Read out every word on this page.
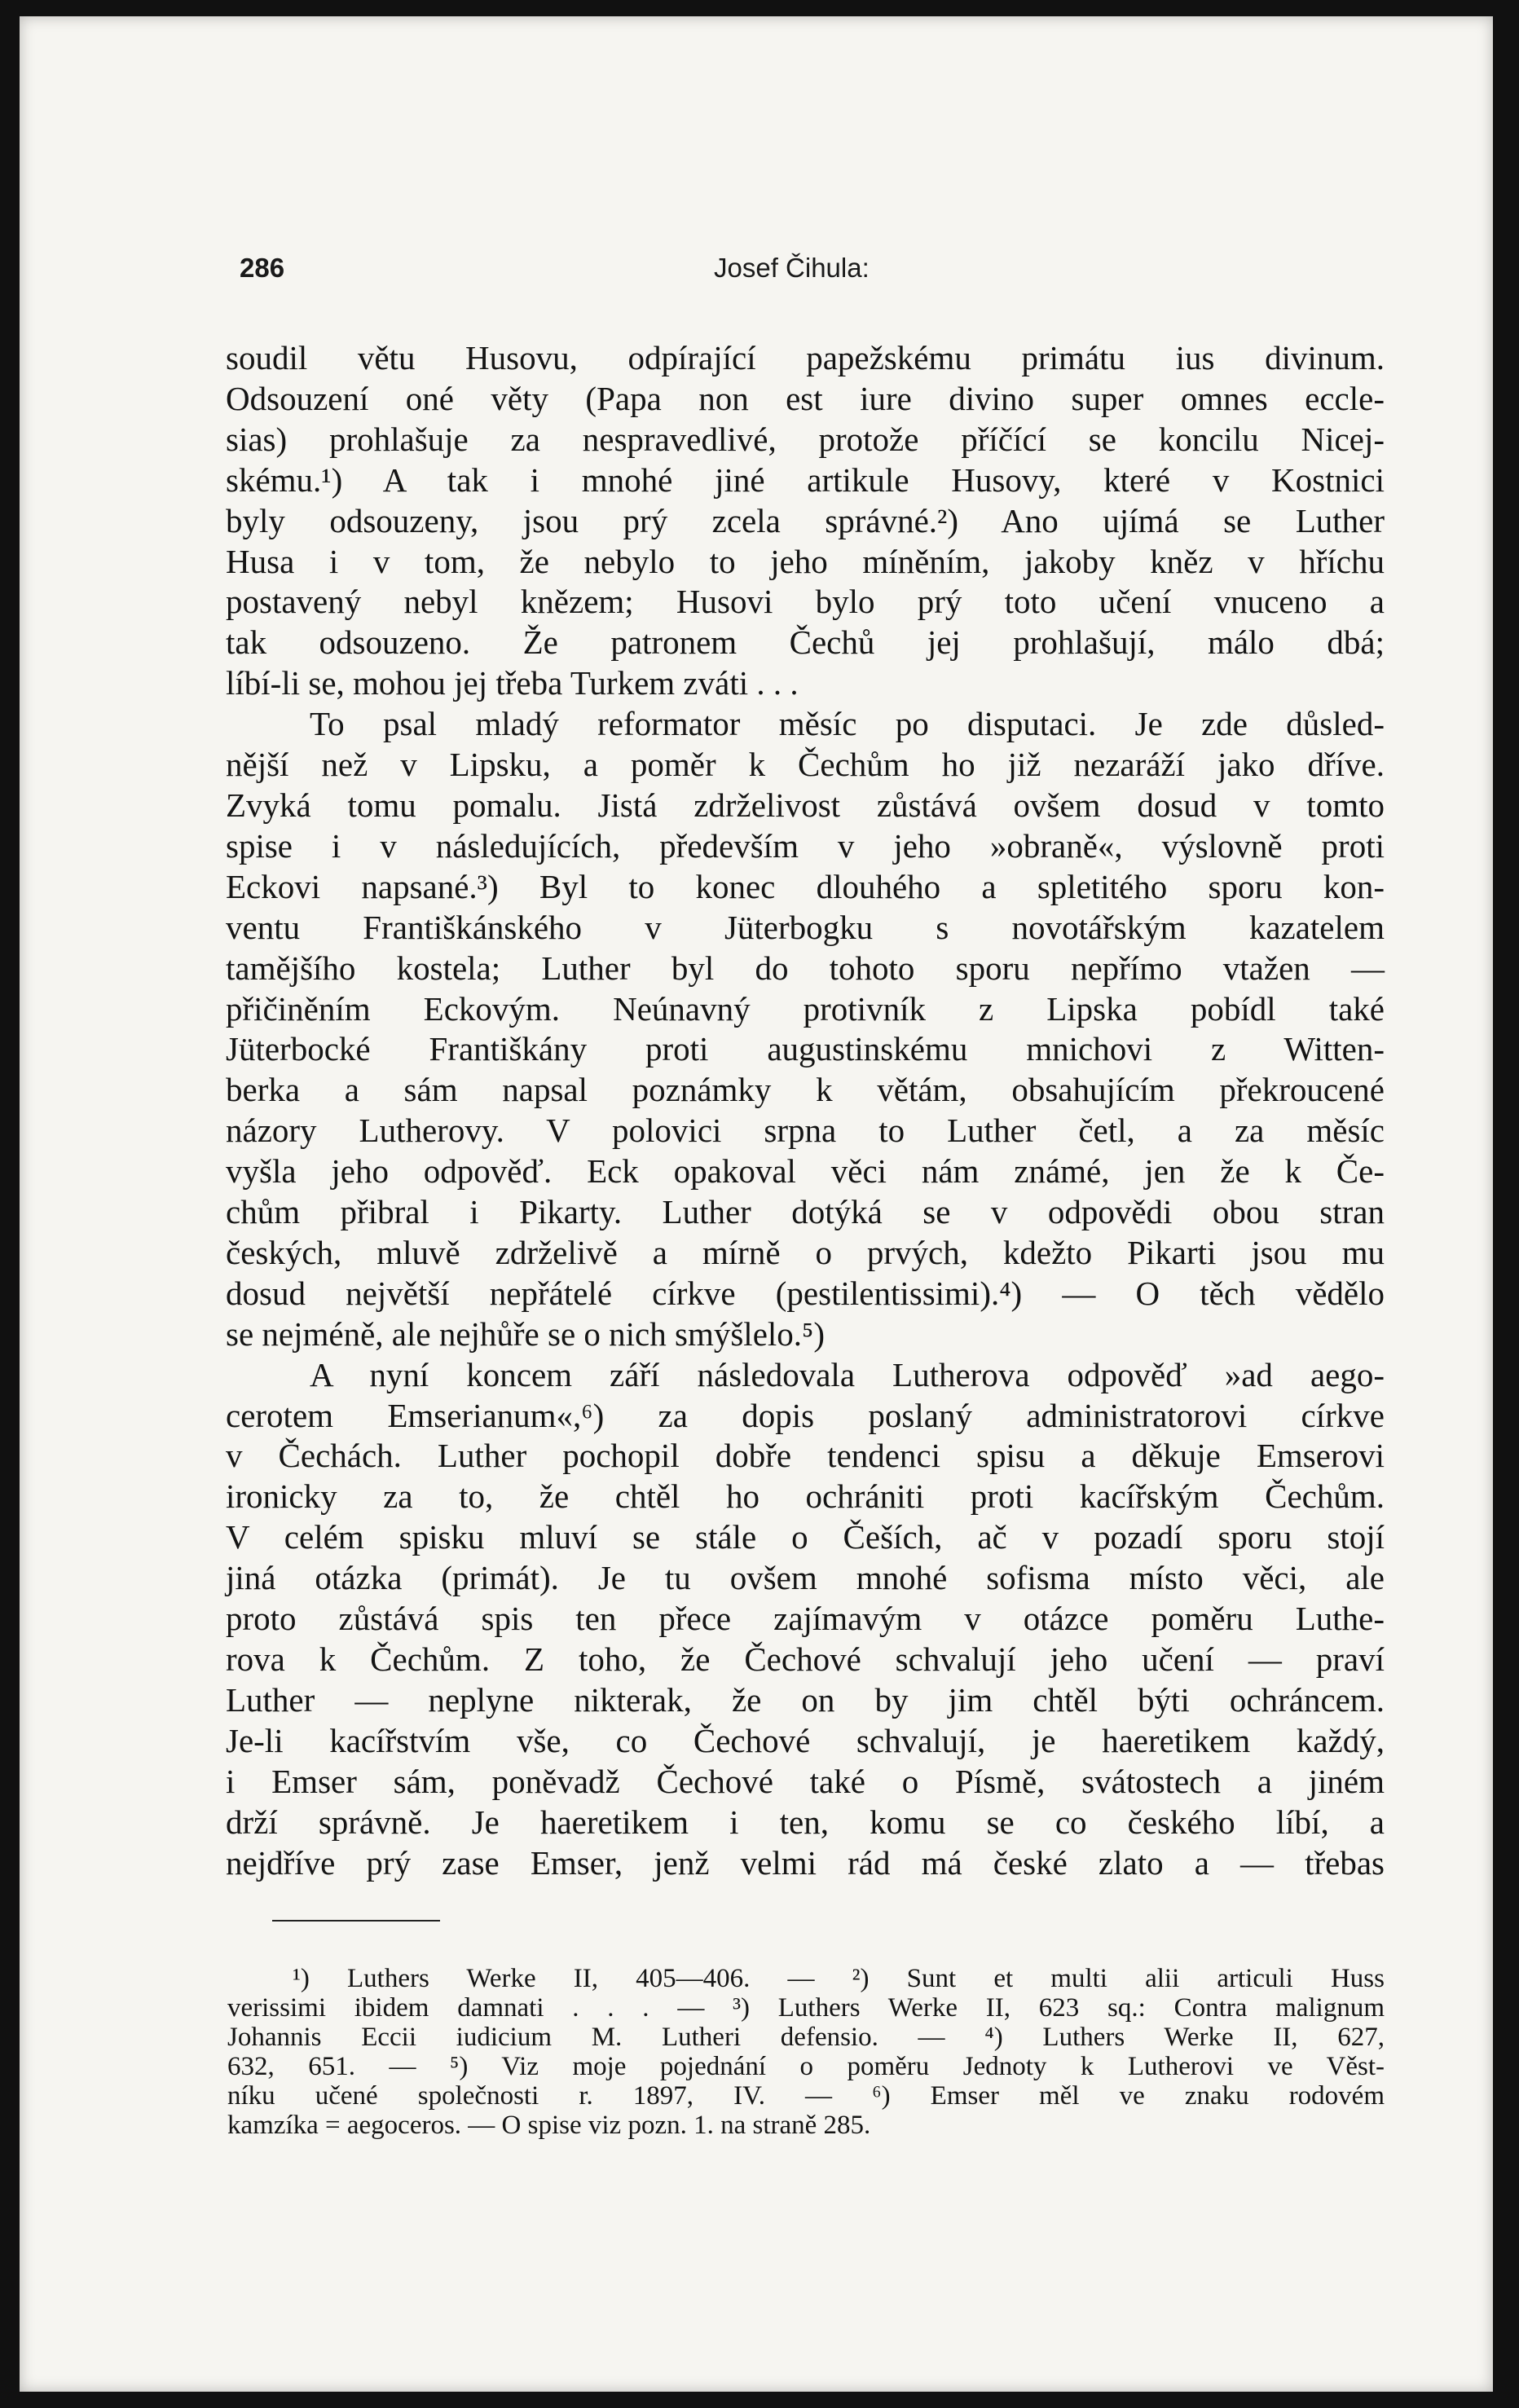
286	Josef Čihula:
soudil větu Husovu, odpírající papežskému primátu ius divinum.
Odsouzení oné věty (Papa non est iure divino super omnes eccle-
sias) prohlašuje za nespravedlivé, protože příčící se koncilu Nicej-
skému.¹) A tak i mnohé jiné artikule Husovy, které v Kostnici
byly odsouzeny, jsou prý zcela správné.²) Ano ujímá se Luther
Husa i v tom, že nebylo to jeho míněním, jakoby kněz v hříchu
postavený nebyl knězem; Husovi bylo prý toto učení vnuceno a
tak odsouzeno. Že patronem Čechů jej prohlašují, málo dbá;
líbí-li se, mohou jej třeba Turkem zváti . . .
To psal mladý reformator měsíc po disputaci. Je zde důsled-
nější než v Lipsku, a poměr k Čechům ho již nezaráží jako dříve.
Zvyká tomu pomalu. Jistá zdrželivost zůstává ovšem dosud v tomto
spise i v následujících, především v jeho »obraně«, výslovně proti
Eckovi napsané.³) Byl to konec dlouhého a spletitého sporu kon-
ventu Františkánského v Jüterbogku s novotářským kazatelem
tamějšího kostela; Luther byl do tohoto sporu nepřímo vtažen —
přičiněním Eckovým. Neúnavný protivník z Lipska pobídl také
Jüterbocké Františkány proti augustinskému mnichovi z Witten-
berka a sám napsal poznámky k větám, obsahujícím překroucené
názory Lutherovy. V polovici srpna to Luther četl, a za měsíc
vyšla jeho odpověď. Eck opakoval věci nám známé, jen že k Če-
chům přibral i Pikarty. Luther dotýká se v odpovědi obou stran
českých, mluvě zdrželivě a mírně o prvých, kdežto Pikarti jsou mu
dosud největší nepřátelé církve (pestilentissimi).⁴) — O těch vědělo
se nejméně, ale nejhůře se o nich smýšlelo.⁵)
A nyní koncem září následovala Lutherova odpověď »ad aego-
cerotem Emserianum«,⁶) za dopis poslaný administratorovi církve
v Čechách. Luther pochopil dobře tendenci spisu a děkuje Emserovi
ironicky za to, že chtěl ho ochrániti proti kacířským Čechům.
V celém spisku mluví se stále o Češích, ač v pozadí sporu stojí
jiná otázka (primát). Je tu ovšem mnohé sofisma místo věci, ale
proto zůstává spis ten přece zajímavým v otázce poměru Luthe-
rova k Čechům. Z toho, že Čechové schvalují jeho učení — praví
Luther — neplyne nikterak, že on by jim chtěl býti ochráncem.
Je-li kacířstvím vše, co Čechové schvalují, je haeretikem každý,
i Emser sám, poněvadž Čechové také o Písmě, svátostech a jiném
drží správně. Je haeretikem i ten, komu se co českého líbí, a
nejdříve prý zase Emser, jenž velmi rád má české zlato a — třebas
¹) Luthers Werke II, 405—406. — ²) Sunt et multi alii articuli Huss
verissimi ibidem damnati . . . — ³) Luthers Werke II, 623 sq.: Contra malignum
Johannis Eccii iudicium M. Lutheri defensio. — ⁴) Luthers Werke II, 627,
632, 651. — ⁵) Viz moje pojednání o poměru Jednoty k Lutherovi ve Věst-
níku učené společnosti r. 1897, IV. — ⁶) Emser měl ve znaku rodovém
kamzíka = aegoceros. — O spise viz pozn. 1. na straně 285.
